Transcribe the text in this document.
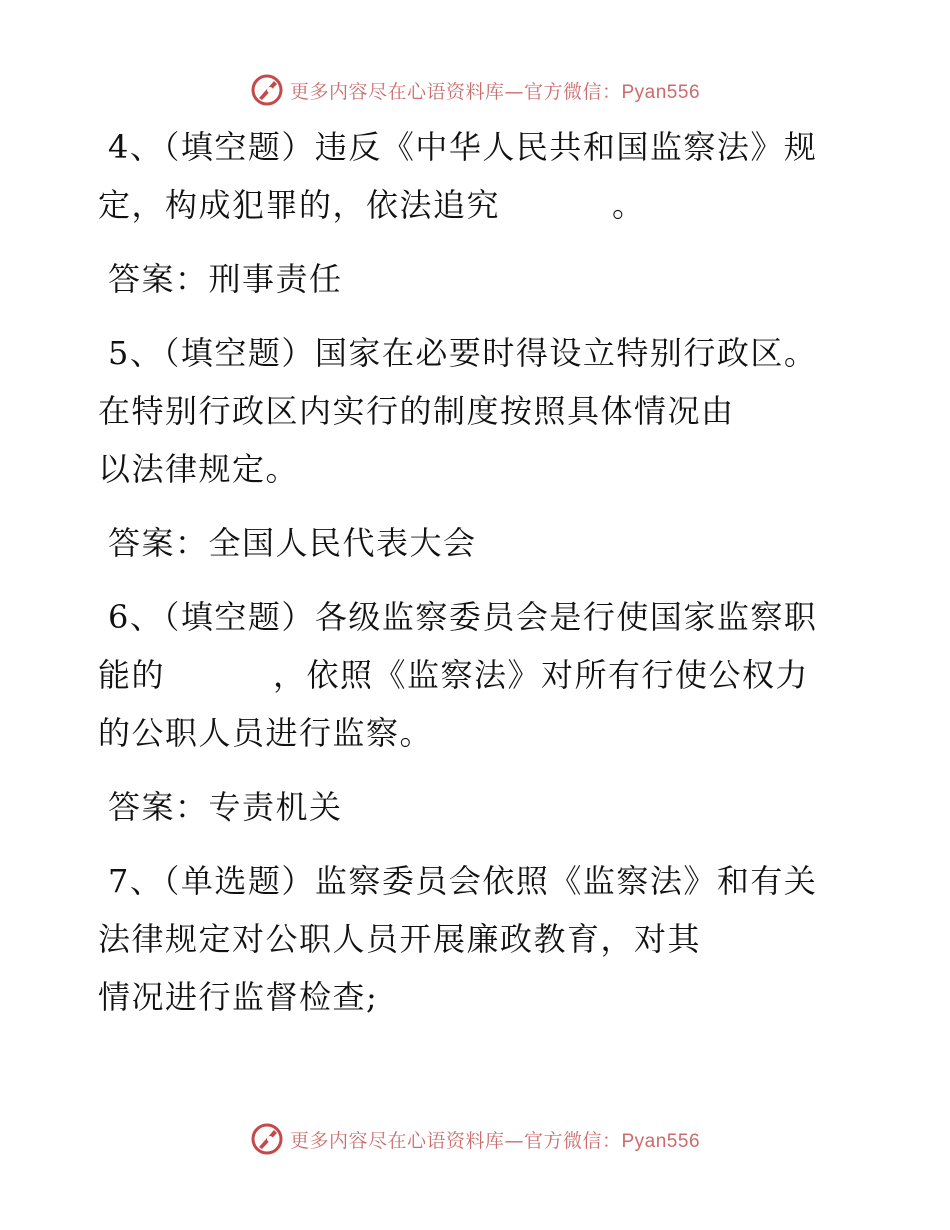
更多内容尽在心语资料库—官方微信：Pyan556
4、（填空题）违反《中华人民共和国监察法》规
定，构成犯罪的，依法追究	。
答案：刑事责任
5、（填空题）国家在必要时得设立特别行政区。
在特别行政区内实行的制度按照具体情况由
以法律规定。
答案：全国人民代表大会
6、（填空题）各级监察委员会是行使国家监察职
能的	，依照《监察法》对所有行使公权力
的公职人员进行监察。
答案：专责机关
7、（单选题）监察委员会依照《监察法》和有关
法律规定对公职人员开展廉政教育，对其
情况进行监督检查;
更多内容尽在心语资料库—官方微信：Pyan556
